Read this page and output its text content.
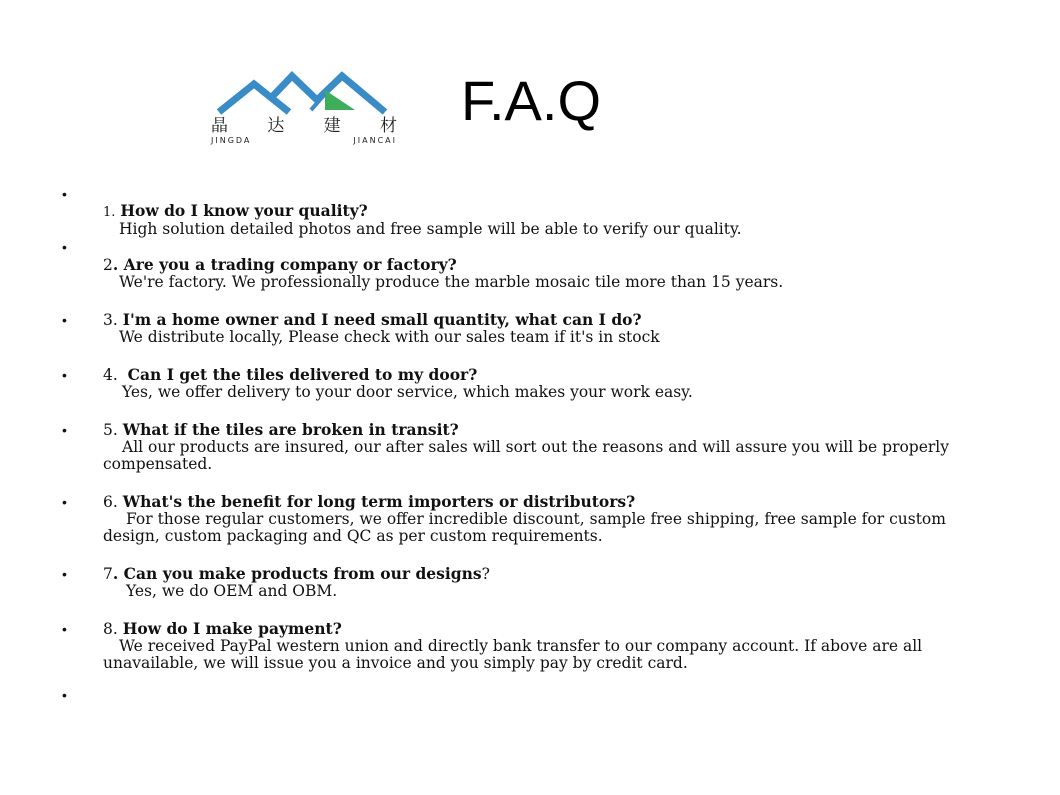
晶 达 建 材
JINGDA	JIANCAI
F.A.Q
•
•
•
•
•
•
•
•
•
1. How do I know your quality?
High solution detailed photos and free sample will be able to verify our quality.
2. Are you a trading company or factory?
We're factory. We professionally produce the marble mosaic tile more than 15 years.
3. I'm a home owner and I need small quantity, what can I do?
We distribute locally, Please check with our sales team if it's in stock
4. Can I get the tiles delivered to my door?
Yes, we offer delivery to your door service, which makes your work easy.
5. What if the tiles are broken in transit?
All our products are insured, our after sales will sort out the reasons and will assure you will be properly compensated.
6. What's the benefit for long term importers or distributors?
For those regular customers, we offer incredible discount, sample free shipping, free sample for custom design, custom packaging and QC as per custom requirements.
7. Can you make products from our designs?
Yes, we do OEM and OBM.
8. How do I make payment?
We received PayPal western union and directly bank transfer to our company account. If above are all unavailable, we will issue you a invoice and you simply pay by credit card.
